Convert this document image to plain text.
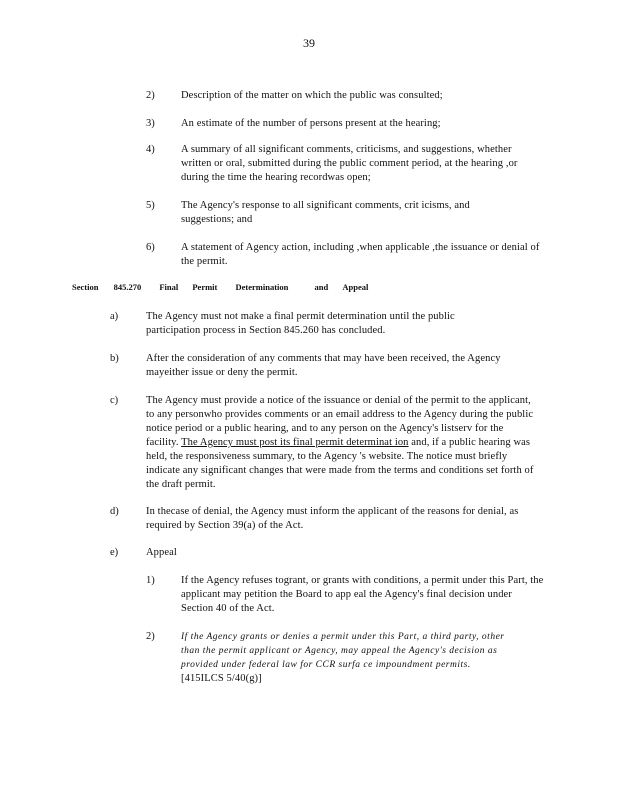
39
2)	Description of the matter on which the public was consulted;
3)	An estimate of the number of persons present at the hearing;
4)	A summary of all significant comments, criticisms, and suggestions, whether written or oral, submitted during the public comment period, at the hearing ,or during the time the hearing recordwas open;
5)	The Agency's response to all significant comments, crit icisms, and suggestions; and
6)	A statement of Agency action, including ,when applicable ,the issuance or denial of the permit.
Section 845.270 Final Permit Determination	and Appeal
a)	The Agency must not make a final permit determination until the public participation process in Section 845.260 has concluded.
b)	After the consideration of any comments that may have been received, the Agency mayeither issue or deny the permit.
c)	The Agency must provide a notice of the issuance or denial of the permit to the applicant, to any personwho provides comments or an email address to the Agency during the public notice period or a public hearing, and to any person on the Agency's listserv for the facility. The Agency must post its final permit determinat ion and, if a public hearing was held, the responsiveness summary, to the Agency 's website. The notice must briefly indicate any significant changes that were made from the terms and conditions set forth of the draft permit.
d)	In thecase of denial, the Agency must inform the applicant of the reasons for denial, as required by Section 39(a) of the Act.
e)	Appeal
1)	If the Agency refuses togrant, or grants with conditions, a permit under this Part, the applicant may petition the Board to app eal the Agency's final decision under Section 40 of the Act.
2)	If the Agency grants or denies a permit under this Part, a third party, other than the permit applicant or Agency, may appeal the Agency's decision as provided under federal law for CCR surfa ce impoundment permits. [415ILCS 5/40(g)]
